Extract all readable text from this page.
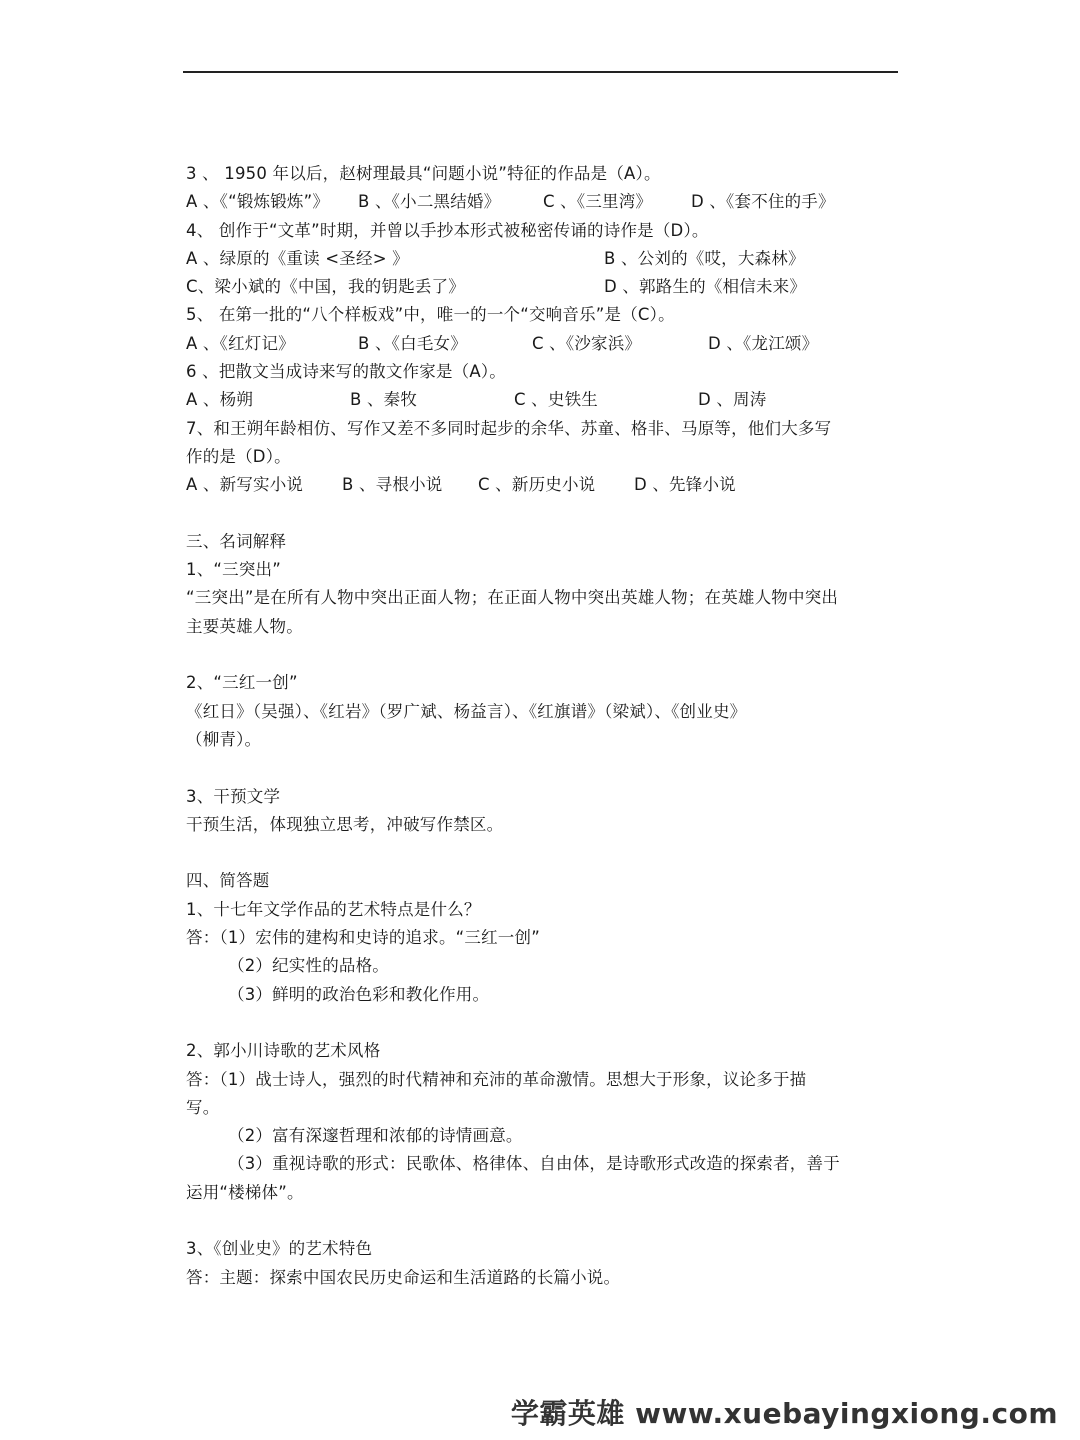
3 、 1950 年以后，赵树理最具“问题小说”特征的作品是（A）。
A 、《“锻炼锻炼”》	B 、《小二黑结婚》	C 、《三里湾》	D 、《套不住的手》
4、 创作于“文革”时期，并曾以手抄本形式被秘密传诵的诗作是（D）。
A 、绿原的《重读 <圣经> 》	B 、公刘的《哎，大森林》
C、梁小斌的《中国，我的钥匙丢了》	D 、郭路生的《相信未来》
5、 在第一批的“八个样板戏”中，唯一的一个“交响音乐”是（C）。
A 、《红灯记》	B 、《白毛女》	C 、《沙家浜》	D 、《龙江颂》
6 、把散文当成诗来写的散文作家是（A）。
A 、杨朔	B 、秦牧	C 、史铁生	D 、周涛
7、和王朔年龄相仿、写作又差不多同时起步的余华、苏童、格非、马原等，他们大多写
作的是（D）。
A 、新写实小说	B 、寻根小说	C 、新历史小说	D 、先锋小说
三、名词解释
1、“三突出”
“三突出”是在所有人物中突出正面人物；在正面人物中突出英雄人物；在英雄人物中突出
主要英雄人物。
2、“三红一创”
《红日》（吴强）、《红岩》（罗广斌、杨益言）、《红旗谱》（梁斌）、《创业史》
（柳青）。
3、干预文学
干预生活，体现独立思考，冲破写作禁区。
四、简答题
1、十七年文学作品的艺术特点是什么？
答：（1）宏伟的建构和史诗的追求。“三红一创”
（2）纪实性的品格。
（3）鲜明的政治色彩和教化作用。
2、郭小川诗歌的艺术风格
答：（1）战士诗人，强烈的时代精神和充沛的革命激情。思想大于形象，议论多于描
写。
（2）富有深邃哲理和浓郁的诗情画意。
（3）重视诗歌的形式：民歌体、格律体、自由体，是诗歌形式改造的探索者，善于
运用“楼梯体”。
3、《创业史》的艺术特色
答：主题：探索中国农民历史命运和生活道路的长篇小说。
学霸英雄 www.xuebayingxiong.com
